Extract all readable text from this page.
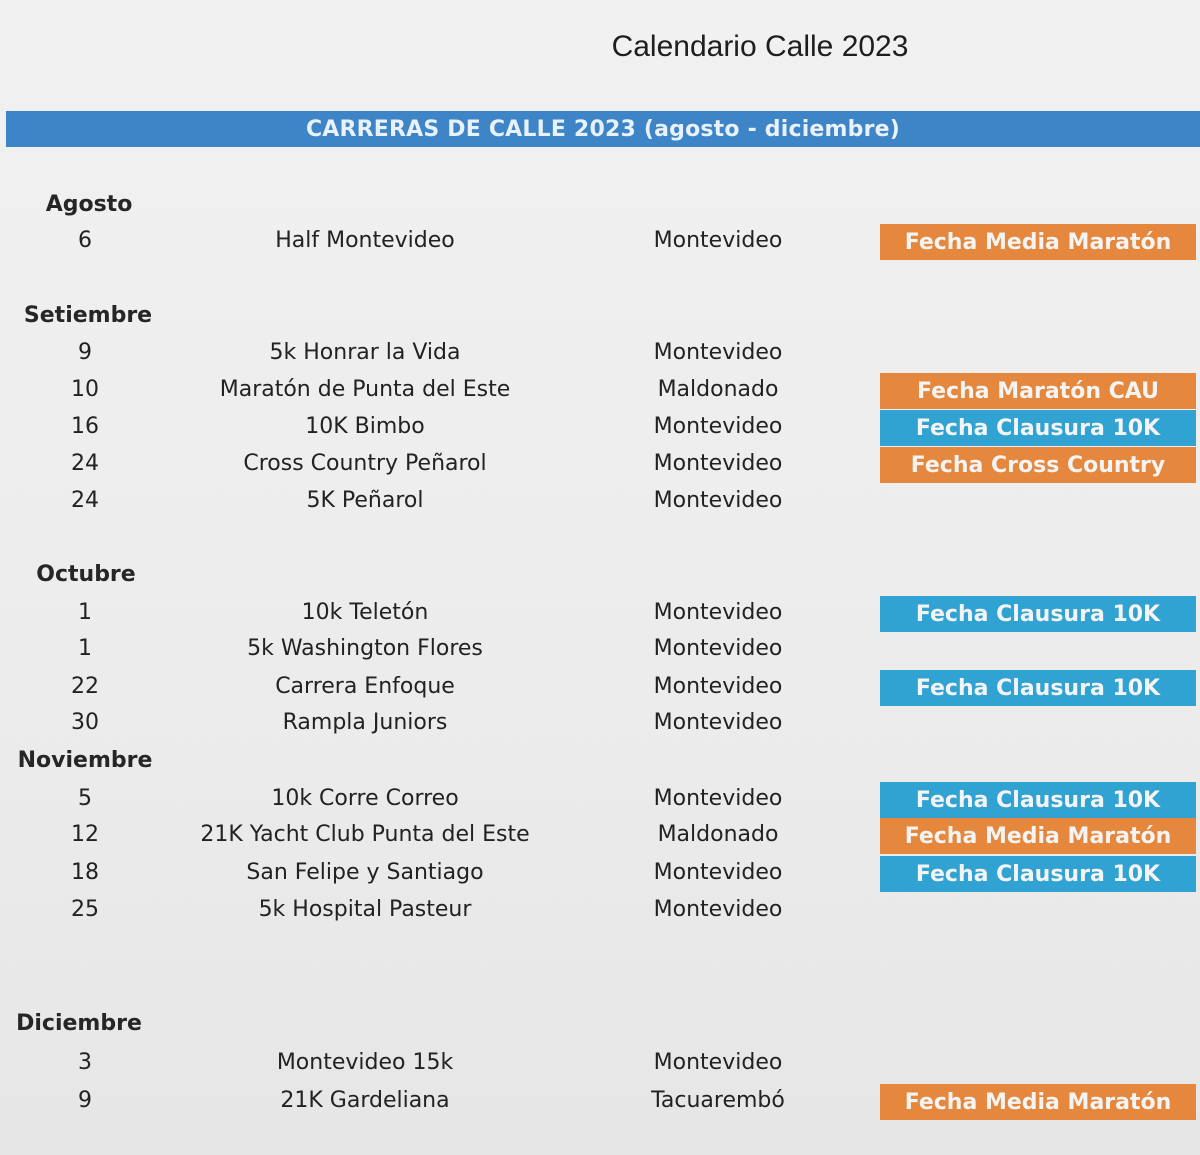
Calendario Calle 2023
CARRERAS DE CALLE 2023 (agosto - diciembre)
Agosto
6	Half Montevideo	Montevideo	Fecha Media Maratón
Setiembre
9	5k Honrar la Vida	Montevideo
10	Maratón de Punta del Este	Maldonado	Fecha Maratón CAU
16	10K Bimbo	Montevideo	Fecha Clausura 10K
24	Cross Country Peñarol	Montevideo	Fecha Cross Country
24	5K Peñarol	Montevideo
Octubre
1	10k Teletón	Montevideo	Fecha Clausura 10K
1	5k Washington Flores	Montevideo
22	Carrera Enfoque	Montevideo	Fecha Clausura 10K
30	Rampla Juniors	Montevideo
Noviembre
5	10k Corre Correo	Montevideo	Fecha Clausura 10K
12	21K Yacht Club Punta del Este	Maldonado	Fecha Media Maratón
18	San Felipe y Santiago	Montevideo	Fecha Clausura 10K
25	5k Hospital Pasteur	Montevideo
Diciembre
3	Montevideo 15k	Montevideo
9	21K Gardeliana	Tacuarembó	Fecha Media Maratón
